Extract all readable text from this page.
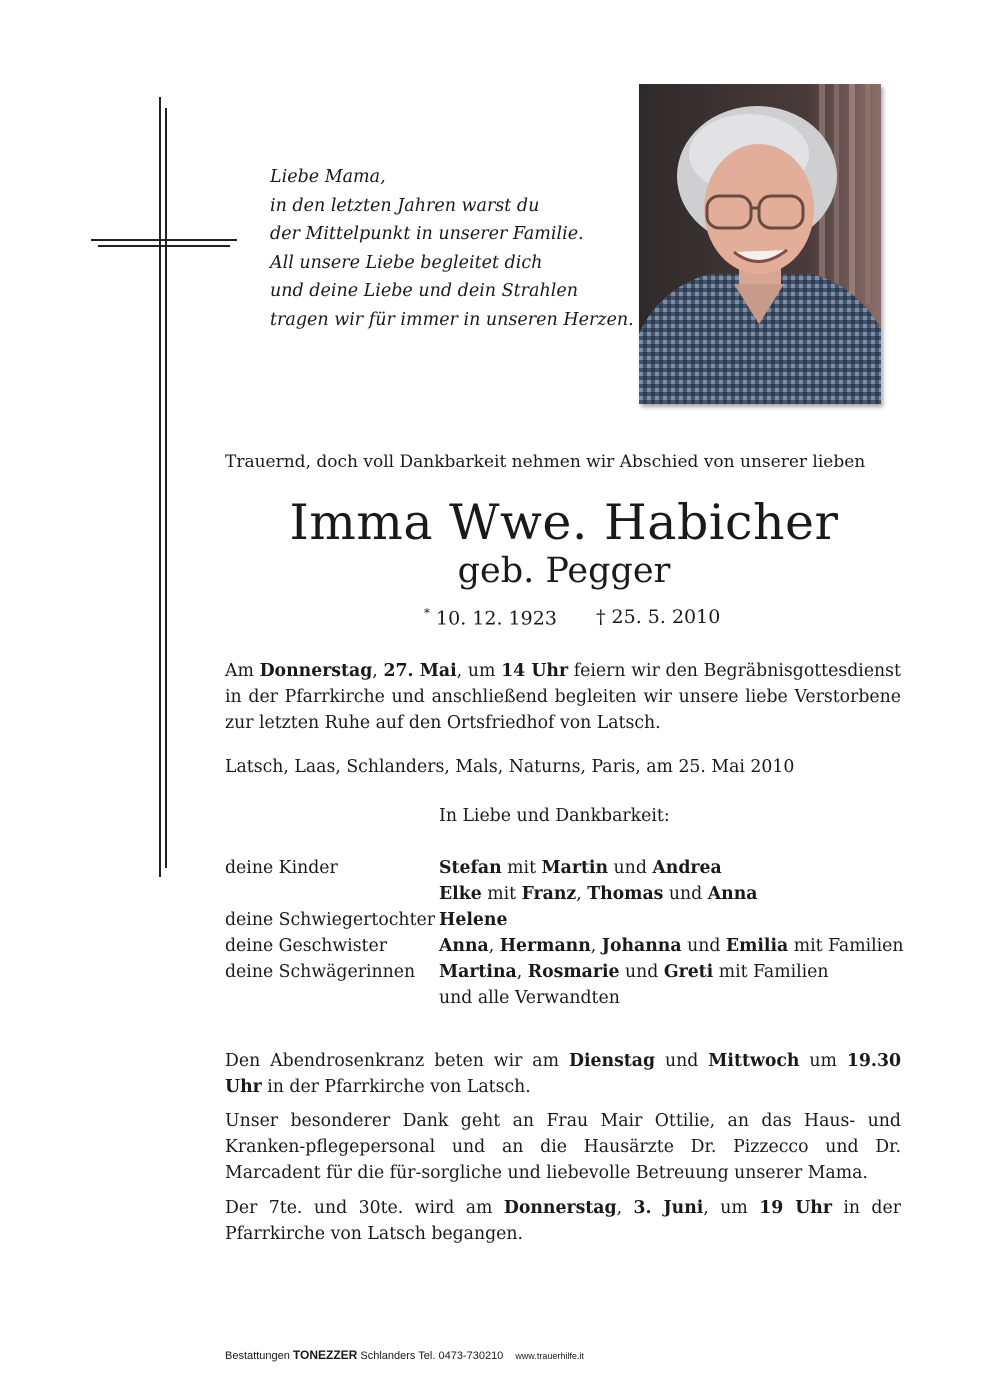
Liebe Mama,
in den letzten Jahren warst du
der Mittelpunkt in unserer Familie.
All unsere Liebe begleitet dich
und deine Liebe und dein Strahlen
tragen wir für immer in unseren Herzen.
Trauernd, doch voll Dankbarkeit nehmen wir Abschied von unserer lieben
Imma Wwe. Habicher
geb. Pegger
* 10. 12. 1923 † 25. 5. 2010
Am Donnerstag, 27. Mai, um 14 Uhr feiern wir den Begräbnisgottesdienst in der Pfarrkirche und anschließend begleiten wir unsere liebe Verstorbene zur letzten Ruhe auf den Ortsfriedhof von Latsch.
Latsch, Laas, Schlanders, Mals, Naturns, Paris, am 25. Mai 2010
In Liebe und Dankbarkeit:
deine Kinder	Stefan mit Martin und Andrea
Elke mit Franz, Thomas und Anna
deine Schwiegertochter Helene
deine Geschwister	Anna, Hermann, Johanna und Emilia mit Familien
deine Schwägerinnen Martina, Rosmarie und Greti mit Familien
und alle Verwandten
Den Abendrosenkranz beten wir am Dienstag und Mittwoch um 19.30 Uhr in der Pfarrkirche von Latsch.
Unser besonderer Dank geht an Frau Mair Ottilie, an das Haus- und Kranken-pflegepersonal und an die Hausärzte Dr. Pizzecco und Dr. Marcadent für die für-sorgliche und liebevolle Betreuung unserer Mama.
Der 7te. und 30te. wird am Donnerstag, 3. Juni, um 19 Uhr in der Pfarrkirche von Latsch begangen.
Bestattungen TONEZZER Schlanders Tel. 0473-730210 www.trauerhilfe.it
